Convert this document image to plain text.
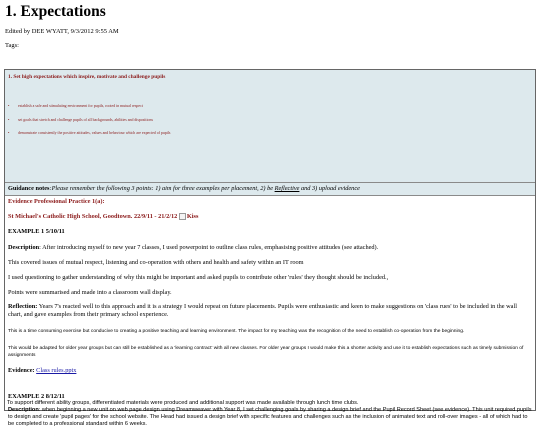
1. Expectations
Edited by DEE WYATT, 9/3/2012 9:55 AM
Tags:
1. Set high expectations which inspire, motivate and challenge pupils
• establish a safe and stimulating environment for pupils, rooted in mutual respect
• set goals that stretch and challenge pupils of all backgrounds, abilities and dispositions
• demonstrate consistently the positive attitudes, values and behaviour which are expected of pupils
Guidance notes:Please remember the following 3 points: 1) aim for three examples per placement, 2) be Reflective and 3) upload evidence
Evidence Professional Practice 1(a):
St Michael's Catholic High School, Goodtown. 22/9/11 - 21/2/12 Kiss
EXAMPLE 1 5/10/11
Description: After introducing myself to new year 7 classes, I used powerpoint to outline class rules, emphasising positive attitudes (see attached).
This covered issues of mutual respect, listening and co-operation with others and health and safety within an IT room
I used questioning to gather understanding of why this might be important and asked pupils to contribute other 'rules' they thought should be included.,
Points were summarised and made into a classroom wall display.
Reflection: Years 7's reacted well to this approach and it is a strategy I would repeat on future placements. Pupils were enthusiastic and keen to make suggestions on 'class rues' to be included in the wall chart, and gave examples from their primary school experience.
This is a time consuming exercise but conducive to creating a positive teaching and learning environment. The impact for my teaching was the recognition of the need to establish co-operation from the beginning.
This would be adapted for older year groups but can still be established as a 'learning contract' with all new classes. For older year groups I would make this a shorter activity and use it to establish expectations such as timely submission of assignments
Evidence: Class rules.pptx
EXAMPLE 2 8/12/11
Description: when beginning a new unit on web page design using Dreamweaver with Year 8, I set challenging goals by sharing a design brief and the Pupil Record Sheet (see evidence). This unit required pupils to design and create 'pupil pages' for the school website. The Head had issued a design brief with specific features and challenges such as the inclusion of animated text and roll-over images - all of which had to be completed to a professional standard within 6 weeks.
To support different ability groups, differentiated materials were produced and additional support was made available through lunch time clubs.
